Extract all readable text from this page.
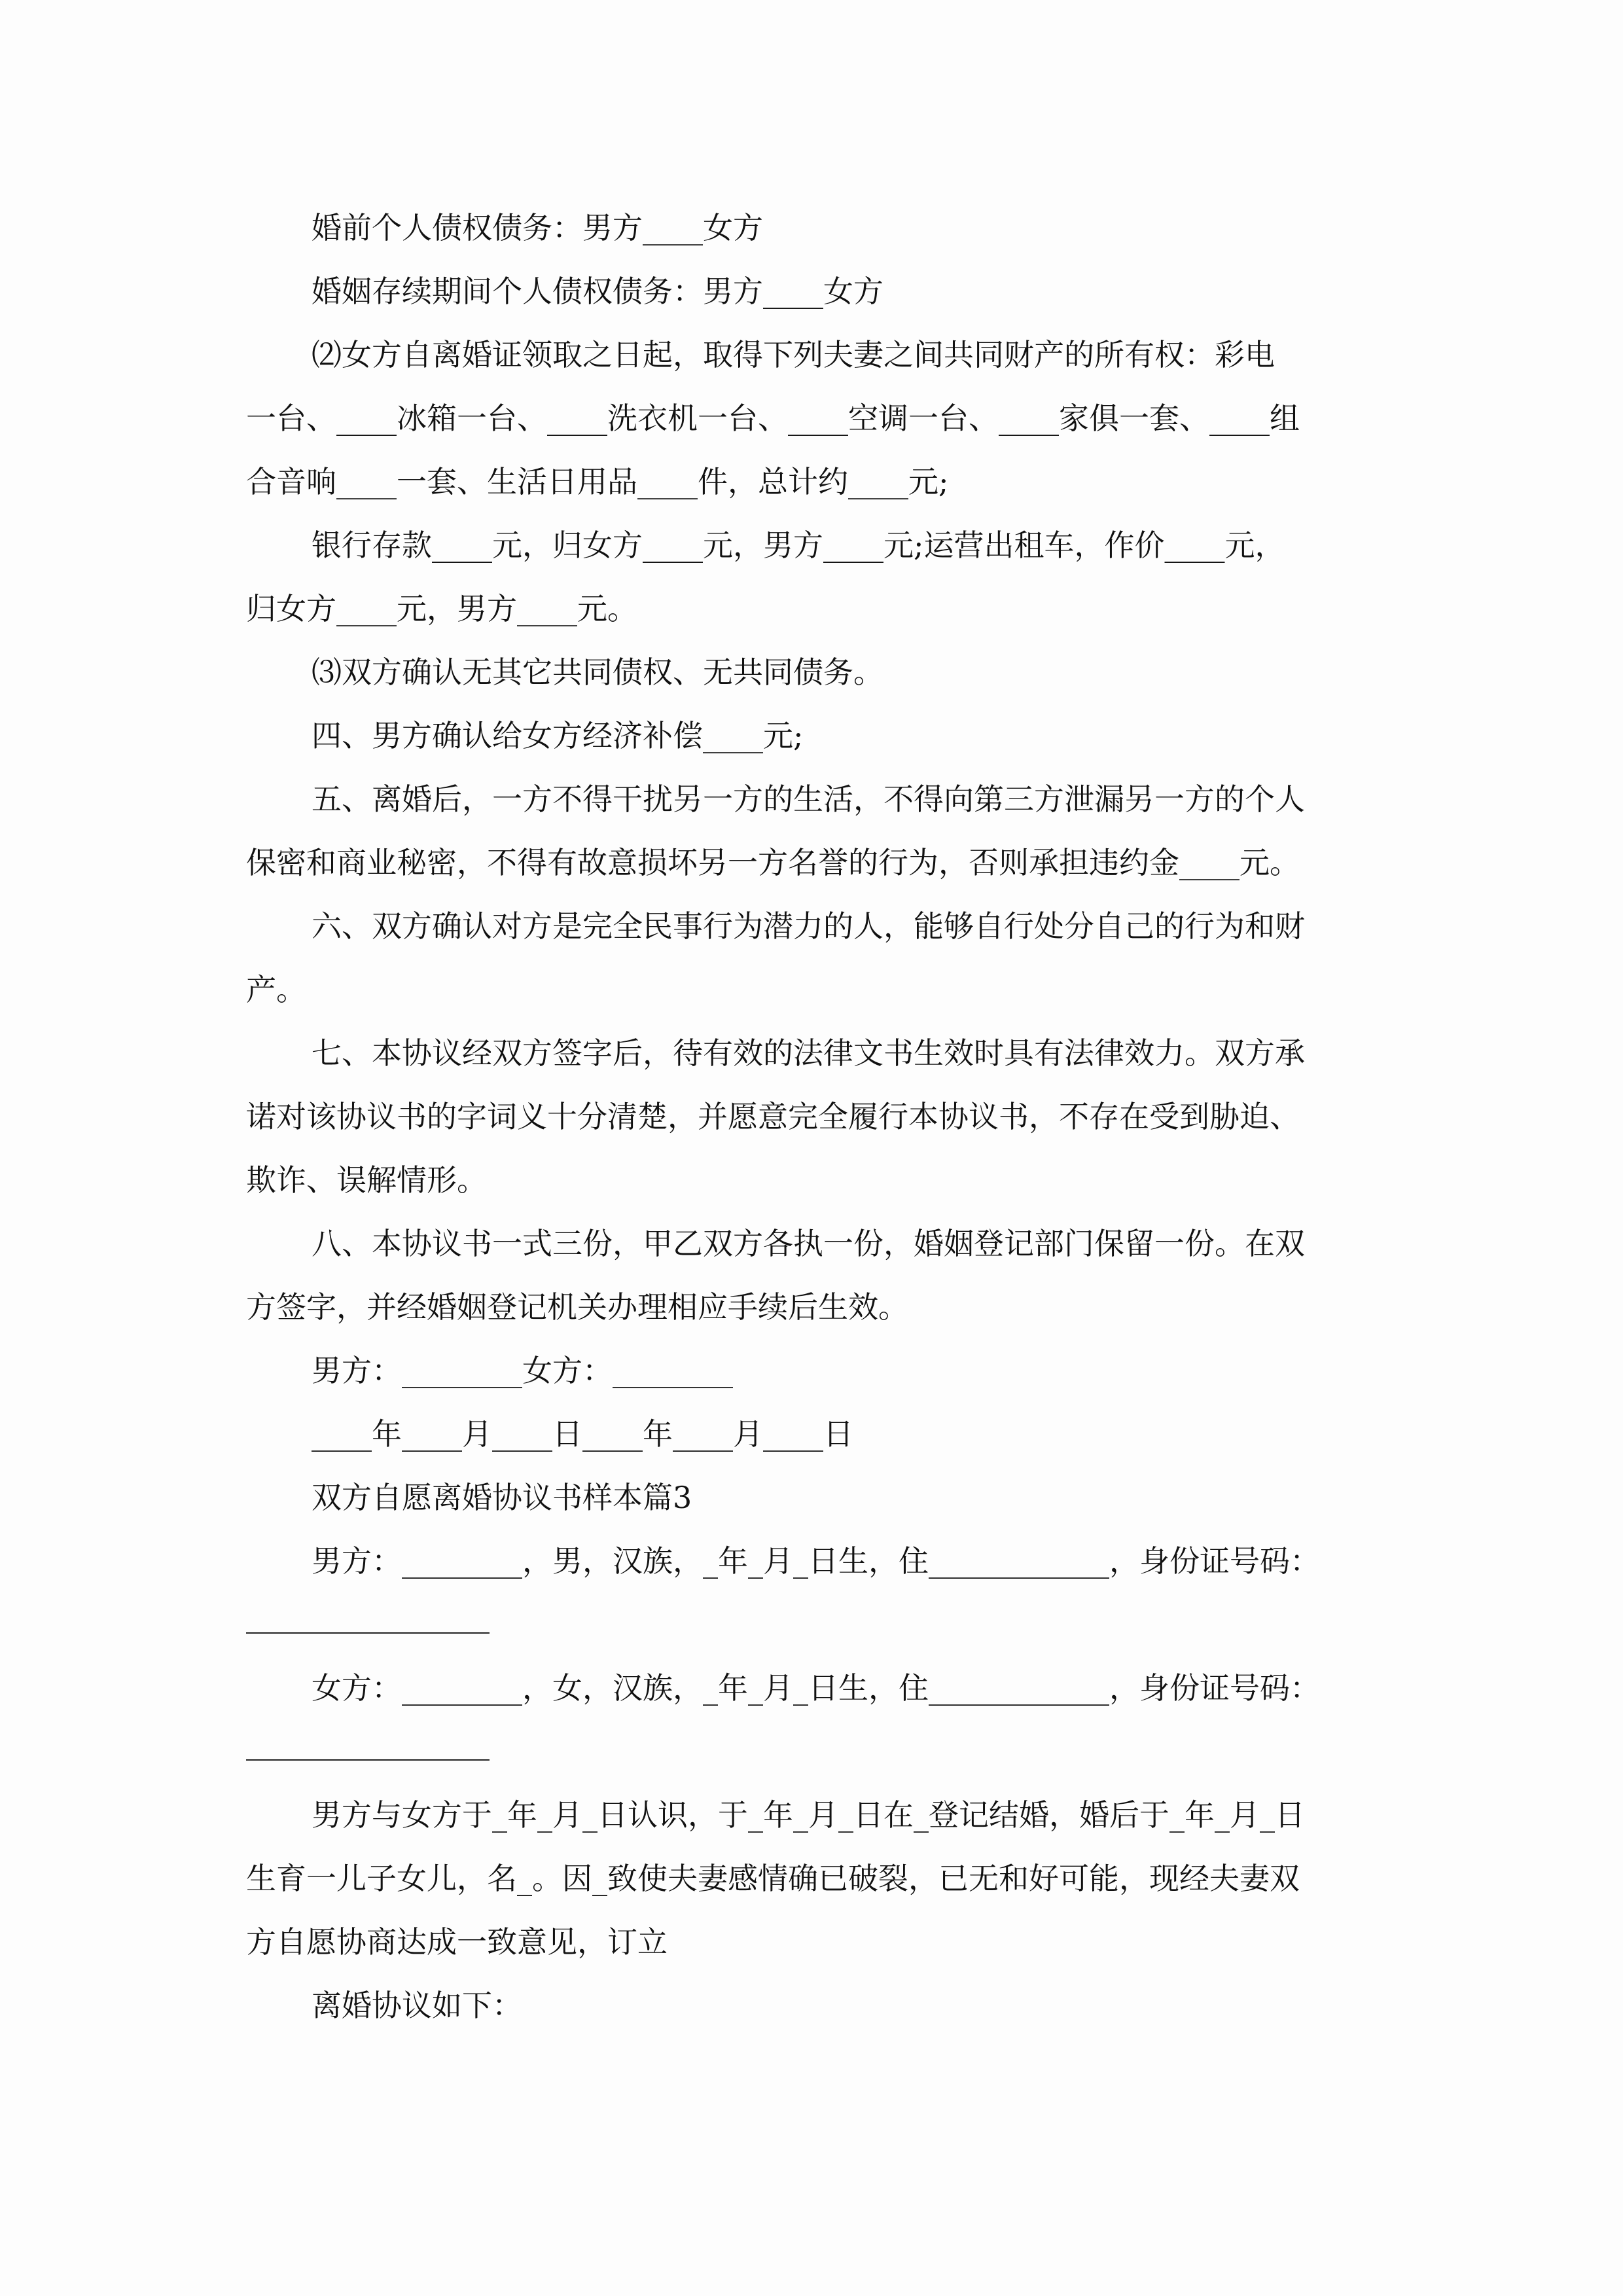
婚前个人债权债务：男方____女方
婚姻存续期间个人债权债务：男方____女方
⑵女方自离婚证领取之日起，取得下列夫妻之间共同财产的所有权：彩电
一台、____冰箱一台、____洗衣机一台、____空调一台、____家俱一套、____组
合音响____一套、生活日用品____件，总计约____元;
银行存款____元，归女方____元，男方____元;运营出租车，作价____元，
归女方____元，男方____元。
⑶双方确认无其它共同债权、无共同债务。
四、男方确认给女方经济补偿____元;
五、离婚后，一方不得干扰另一方的生活，不得向第三方泄漏另一方的个人
保密和商业秘密，不得有故意损坏另一方名誉的行为，否则承担违约金____元。
六、双方确认对方是完全民事行为潜力的人，能够自行处分自己的行为和财
产。
七、本协议经双方签字后，待有效的法律文书生效时具有法律效力。双方承
诺对该协议书的字词义十分清楚，并愿意完全履行本协议书，不存在受到胁迫、
欺诈、误解情形。
八、本协议书一式三份，甲乙双方各执一份，婚姻登记部门保留一份。在双
方签字，并经婚姻登记机关办理相应手续后生效。
男方：________女方：________
____年____月____日____年____月____日
双方自愿离婚协议书样本篇3
男方：________，男，汉族，_年_月_日生，住____________，身份证号码：
女方：________，女，汉族，_年_月_日生，住____________，身份证号码：
男方与女方于_年_月_日认识，于_年_月_日在_登记结婚，婚后于_年_月_日
生育一儿子女儿，名_。因_致使夫妻感情确已破裂，已无和好可能，现经夫妻双
方自愿协商达成一致意见，订立
离婚协议如下：
